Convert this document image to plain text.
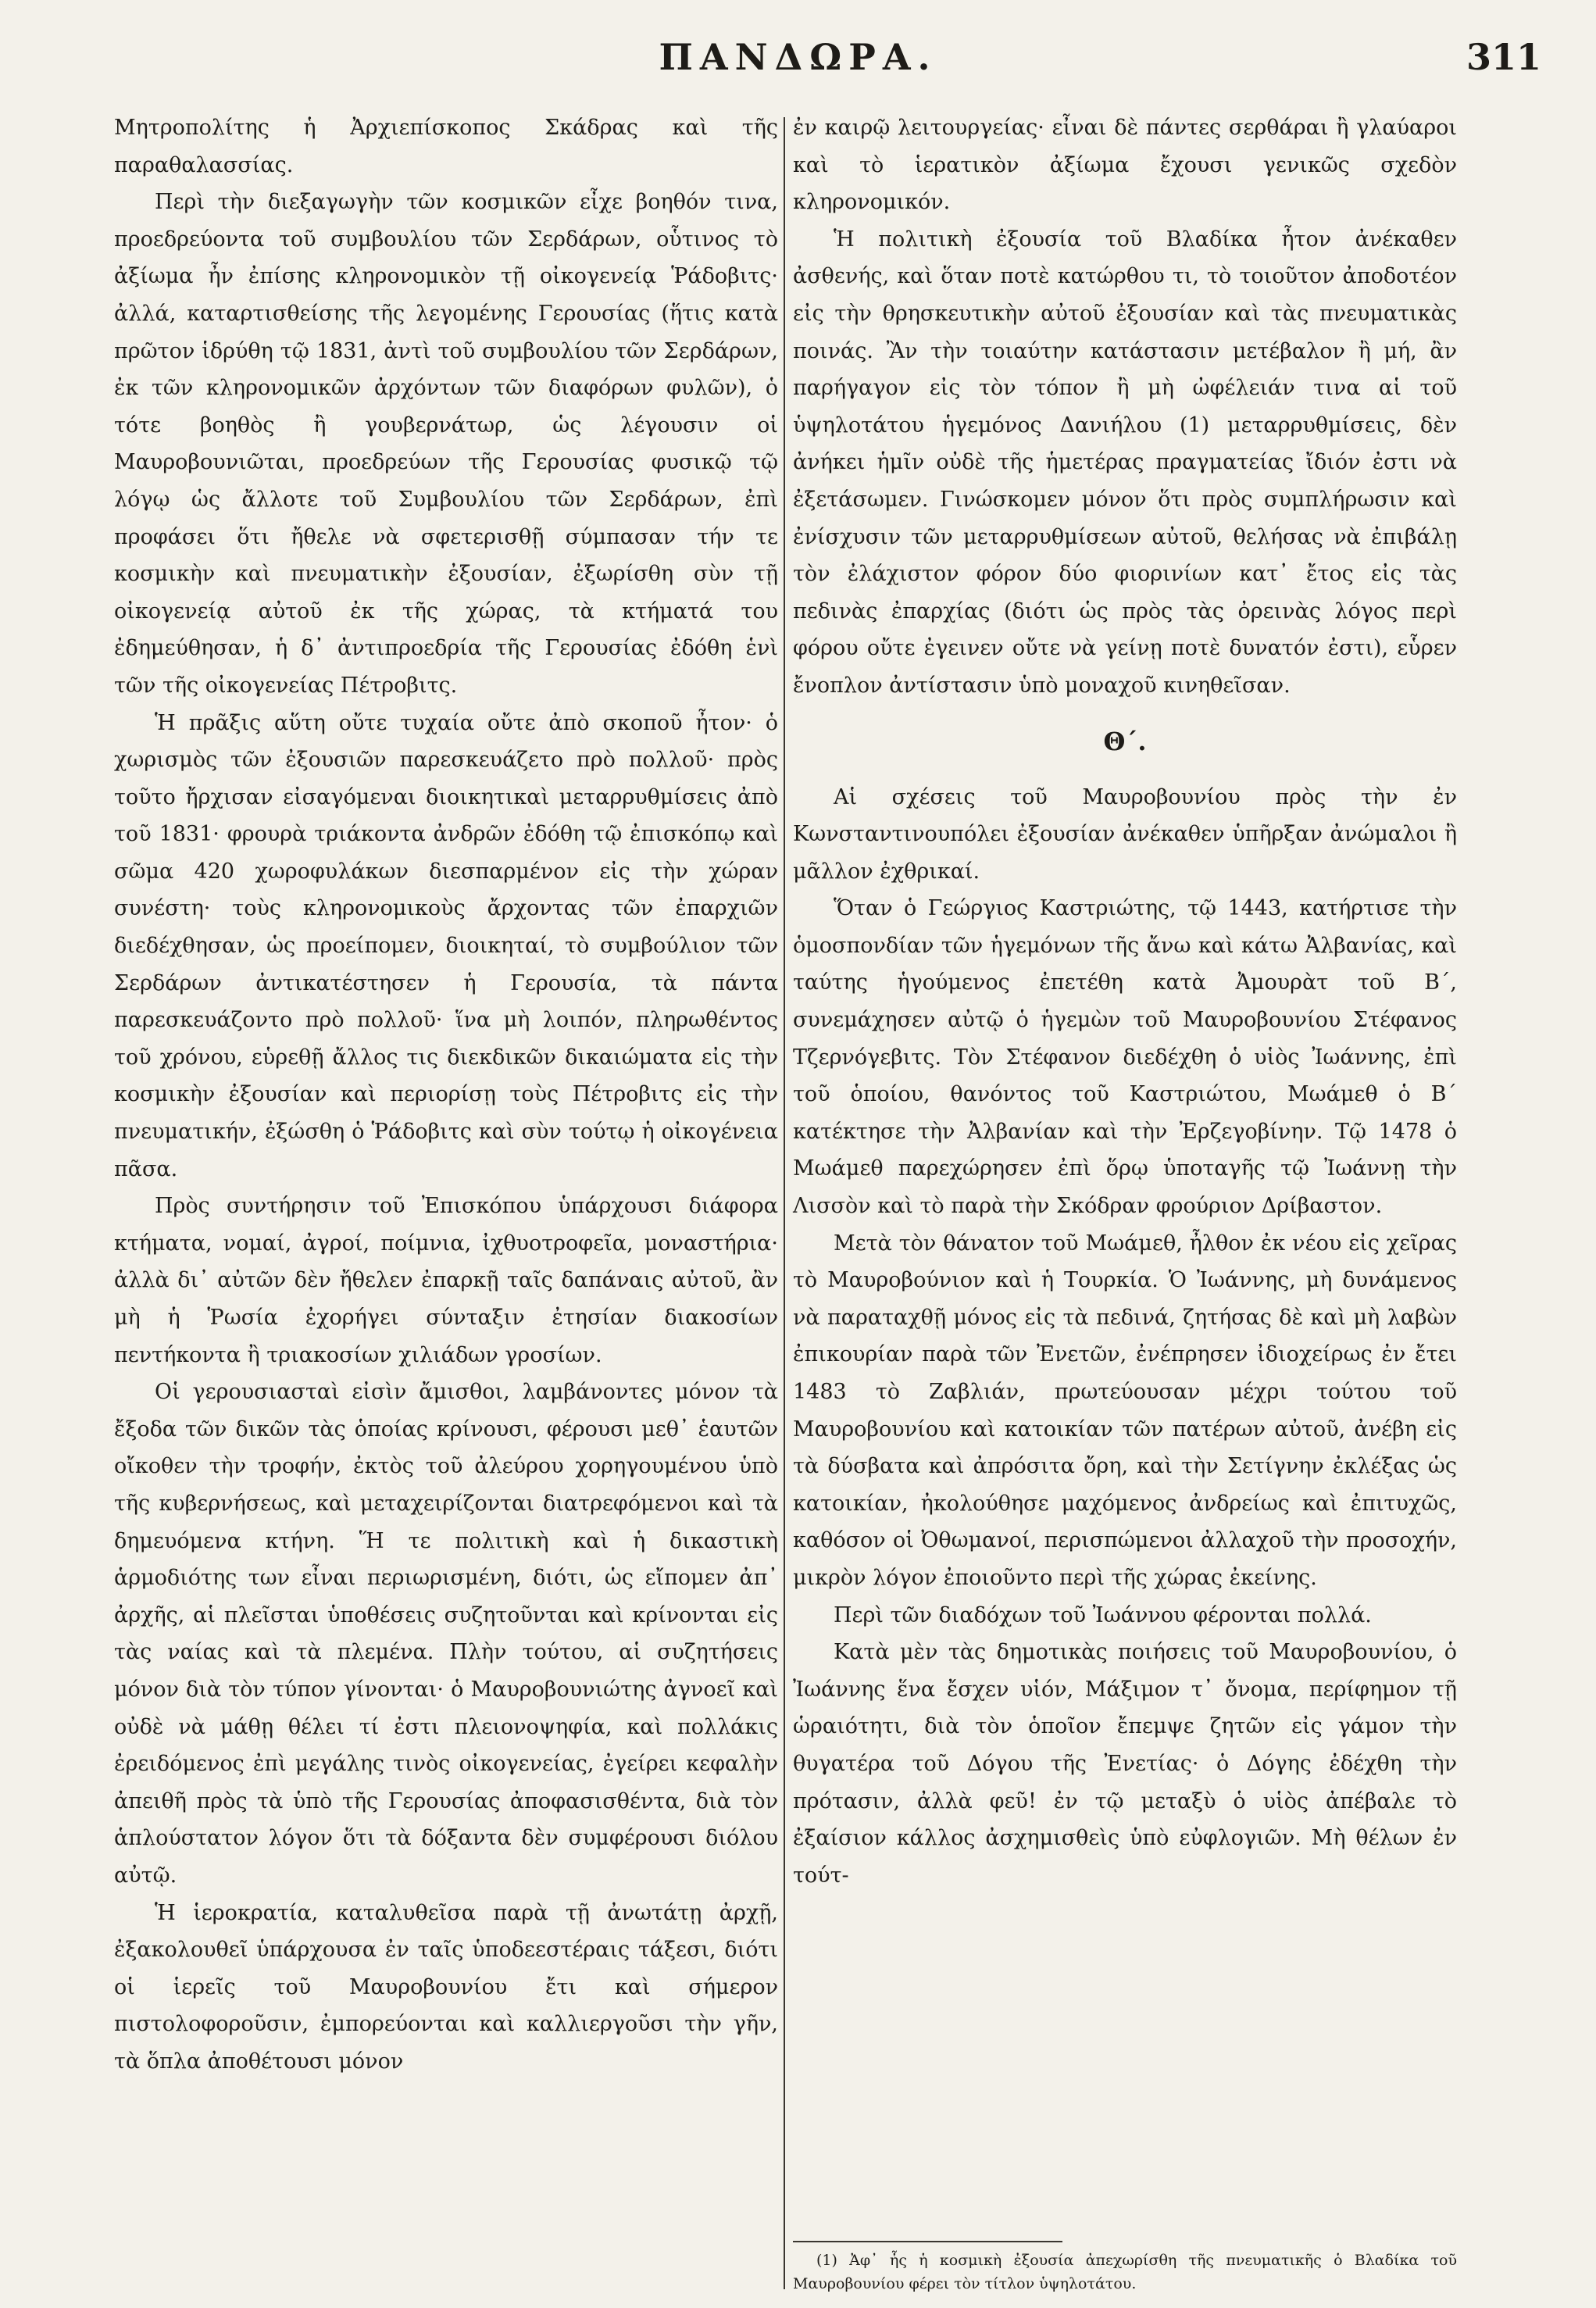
ΠΑΝΔΩΡΑ.	311

Μητροπολίτης ἡ Ἀρχιεπίσκοπος Σκάδρας καὶ τῆς παραθαλασσίας.

Περὶ τὴν διεξαγωγὴν τῶν κοσμικῶν εἶχε βοηθόν τινα, προεδρεύοντα τοῦ συμβουλίου τῶν Σερδάρων, οὗτινος τὸ ἀξίωμα ἦν ἐπίσης κληρονομικὸν τῇ οἰκογενείᾳ Ῥάδοβιτς· ἀλλά, καταρτισθείσης τῆς λεγομένης Γερουσίας (ἥτις κατὰ πρῶτον ἱδρύθη τῷ 1831, ἀντὶ τοῦ συμβουλίου τῶν Σερδάρων, ἐκ τῶν κληρονομικῶν ἀρχόντων τῶν διαφόρων φυλῶν), ὁ τότε βοηθὸς ἢ γουβερνάτωρ, ὡς λέγουσιν οἱ Μαυροβουνιῶται, προεδρεύων τῆς Γερουσίας φυσικῷ τῷ λόγῳ ὡς ἄλλοτε τοῦ Συμβουλίου τῶν Σερδάρων, ἐπὶ προφάσει ὅτι ἤθελε νὰ σφετερισθῇ σύμπασαν τήν τε κοσμικὴν καὶ πνευματικὴν ἐξουσίαν, ἐξωρίσθη σὺν τῇ οἰκογενείᾳ αὐτοῦ ἐκ τῆς χώρας, τὰ κτήματά του ἐδημεύθησαν, ἡ δ᾽ ἀντιπροεδρία τῆς Γερουσίας ἐδόθη ἑνὶ τῶν τῆς οἰκογενείας Πέτροβιτς.

Ἡ πρᾶξις αὕτη οὔτε τυχαία οὔτε ἀπὸ σκοποῦ ἦτον· ὁ χωρισμὸς τῶν ἐξουσιῶν παρεσκευάζετο πρὸ πολλοῦ· πρὸς τοῦτο ἤρχισαν εἰσαγόμεναι διοικητικαὶ μεταρρυθμίσεις ἀπὸ τοῦ 1831· φρουρὰ τριάκοντα ἀνδρῶν ἐδόθη τῷ ἐπισκόπῳ καὶ σῶμα 420 χωροφυλάκων διεσπαρμένον εἰς τὴν χώραν συνέστη· τοὺς κληρονομικοὺς ἄρχοντας τῶν ἐπαρχιῶν διεδέχθησαν, ὡς προείπομεν, διοικηταί, τὸ συμβούλιον τῶν Σερδάρων ἀντικατέστησεν ἡ Γερουσία, τὰ πάντα παρεσκευάζοντο πρὸ πολλοῦ· ἵνα μὴ λοιπόν, πληρωθέντος τοῦ χρόνου, εὑρεθῇ ἄλλος τις διεκδικῶν δικαιώματα εἰς τὴν κοσμικὴν ἐξουσίαν καὶ περιορίσῃ τοὺς Πέτροβιτς εἰς τὴν πνευματικήν, ἐξώσθη ὁ Ῥάδοβιτς καὶ σὺν τούτῳ ἡ οἰκογένεια πᾶσα.

Πρὸς συντήρησιν τοῦ Ἐπισκόπου ὑπάρχουσι διάφορα κτήματα, νομαί, ἀγροί, ποίμνια, ἰχθυοτροφεῖα, μοναστήρια· ἀλλὰ δι᾽ αὐτῶν δὲν ἤθελεν ἐπαρκῇ ταῖς δαπάναις αὐτοῦ, ἂν μὴ ἡ Ῥωσία ἐχορήγει σύνταξιν ἐτησίαν διακοσίων πεντήκοντα ἢ τριακοσίων χιλιάδων γροσίων.

Οἱ γερουσιασταὶ εἰσὶν ἄμισθοι, λαμβάνοντες μόνον τὰ ἔξοδα τῶν δικῶν τὰς ὁποίας κρίνουσι, φέρουσι μεθ᾽ ἑαυτῶν οἴκοθεν τὴν τροφήν, ἐκτὸς τοῦ ἀλεύρου χορηγουμένου ὑπὸ τῆς κυβερνήσεως, καὶ μεταχειρίζονται διατρεφόμενοι καὶ τὰ δημευόμενα κτήνη. Ἥ τε πολιτικὴ καὶ ἡ δικαστικὴ ἁρμοδιότης των εἶναι περιωρισμένη, διότι, ὡς εἴπομεν ἀπ᾽ ἀρχῆς, αἱ πλεῖσται ὑποθέσεις συζητοῦνται καὶ κρίνονται εἰς τὰς ναίας καὶ τὰ πλεμένα. Πλὴν τούτου, αἱ συζητήσεις μόνον διὰ τὸν τύπον γίνονται· ὁ Μαυροβουνιώτης ἀγνοεῖ καὶ οὐδὲ νὰ μάθῃ θέλει τί ἐστι πλειονοψηφία, καὶ πολλάκις ἐρειδόμενος ἐπὶ μεγάλης τινὸς οἰκογενείας, ἐγείρει κεφαλὴν ἀπειθῆ πρὸς τὰ ὑπὸ τῆς Γερουσίας ἀποφασισθέντα, διὰ τὸν ἁπλούστατον λόγον ὅτι τὰ δόξαντα δὲν συμφέρουσι διόλου αὐτῷ.

Ἡ ἱεροκρατία, καταλυθεῖσα παρὰ τῇ ἀνωτάτῃ ἀρχῇ, ἐξακολουθεῖ ὑπάρχουσα ἐν ταῖς ὑποδεεστέραις τάξεσι, διότι οἱ ἱερεῖς τοῦ Μαυροβουνίου ἔτι καὶ σήμερον πιστολοφοροῦσιν, ἐμπορεύονται καὶ καλλιεργοῦσι τὴν γῆν, τὰ ὅπλα ἀποθέτουσι μόνον

ἐν καιρῷ λειτουργείας· εἶναι δὲ πάντες σερθάραι ἢ γλαύαροι καὶ τὸ ἱερατικὸν ἀξίωμα ἔχουσι γενικῶς σχεδὸν κληρονομικόν.

Ἡ πολιτικὴ ἐξουσία τοῦ Βλαδίκα ἦτον ἀνέκαθεν ἀσθενής, καὶ ὅταν ποτὲ κατώρθου τι, τὸ τοιοῦτον ἀποδοτέον εἰς τὴν θρησκευτικὴν αὐτοῦ ἐξουσίαν καὶ τὰς πνευματικὰς ποινάς. Ἂν τὴν τοιαύτην κατάστασιν μετέβαλον ἢ μή, ἂν παρήγαγον εἰς τὸν τόπον ἢ μὴ ὠφέλειάν τινα αἱ τοῦ ὑψηλοτάτου ἡγεμόνος Δανιήλου (1) μεταρρυθμίσεις, δὲν ἀνήκει ἡμῖν οὐδὲ τῆς ἡμετέρας πραγματείας ἴδιόν ἐστι νὰ ἐξετάσωμεν. Γινώσκομεν μόνον ὅτι πρὸς συμπλήρωσιν καὶ ἐνίσχυσιν τῶν μεταρρυθμίσεων αὐτοῦ, θελήσας νὰ ἐπιβάλῃ τὸν ἐλάχιστον φόρον δύο φιορινίων κατ᾽ ἔτος εἰς τὰς πεδινὰς ἐπαρχίας (διότι ὡς πρὸς τὰς ὀρεινὰς λόγος περὶ φόρου οὔτε ἐγεινεν οὔτε νὰ γείνῃ ποτὲ δυνατόν ἐστι), εὗρεν ἔνοπλον ἀντίστασιν ὑπὸ μοναχοῦ κινηθεῖσαν.

Θ΄.

Αἱ σχέσεις τοῦ Μαυροβουνίου πρὸς τὴν ἐν Κωνσταντινουπόλει ἐξουσίαν ἀνέκαθεν ὑπῆρξαν ἀνώμαλοι ἢ μᾶλλον ἐχθρικαί.

Ὅταν ὁ Γεώργιος Καστριώτης, τῷ 1443, κατήρτισε τὴν ὁμοσπονδίαν τῶν ἡγεμόνων τῆς ἄνω καὶ κάτω Ἀλβανίας, καὶ ταύτης ἡγούμενος ἐπετέθη κατὰ Ἀμουρὰτ τοῦ Β΄, συνεμάχησεν αὐτῷ ὁ ἡγεμὼν τοῦ Μαυροβουνίου Στέφανος Τζερνόγεβιτς. Τὸν Στέφανον διεδέχθη ὁ υἱὸς Ἰωάννης, ἐπὶ τοῦ ὁποίου, θανόντος τοῦ Καστριώτου, Μωάμεθ ὁ Β΄ κατέκτησε τὴν Ἀλβανίαν καὶ τὴν Ἐρζεγοβίνην. Τῷ 1478 ὁ Μωάμεθ παρεχώρησεν ἐπὶ ὅρῳ ὑποταγῆς τῷ Ἰωάννῃ τὴν Λισσὸν καὶ τὸ παρὰ τὴν Σκόδραν φρούριον Δρίβαστον.

Μετὰ τὸν θάνατον τοῦ Μωάμεθ, ἦλθον ἐκ νέου εἰς χεῖρας τὸ Μαυροβούνιον καὶ ἡ Τουρκία. Ὁ Ἰωάννης, μὴ δυνάμενος νὰ παραταχθῇ μόνος εἰς τὰ πεδινά, ζητήσας δὲ καὶ μὴ λαβὼν ἐπικουρίαν παρὰ τῶν Ἐνετῶν, ἐνέπρησεν ἰδιοχείρως ἐν ἔτει 1483 τὸ Ζαβλιάν, πρωτεύουσαν μέχρι τούτου τοῦ Μαυροβουνίου καὶ κατοικίαν τῶν πατέρων αὐτοῦ, ἀνέβη εἰς τὰ δύσβατα καὶ ἀπρόσιτα ὄρη, καὶ τὴν Σετίγνην ἐκλέξας ὡς κατοικίαν, ἠκολούθησε μαχόμενος ἀνδρείως καὶ ἐπιτυχῶς, καθόσον οἱ Ὀθωμανοί, περισπώμενοι ἀλλαχοῦ τὴν προσοχήν, μικρὸν λόγον ἐποιοῦντο περὶ τῆς χώρας ἐκείνης.

Περὶ τῶν διαδόχων τοῦ Ἰωάννου φέρονται πολλά.

Κατὰ μὲν τὰς δημοτικὰς ποιήσεις τοῦ Μαυροβουνίου, ὁ Ἰωάννης ἕνα ἔσχεν υἱόν, Μάξιμον τ᾽ ὄνομα, περίφημον τῇ ὡραιότητι, διὰ τὸν ὁποῖον ἔπεμψε ζητῶν εἰς γάμον τὴν θυγατέρα τοῦ Δόγου τῆς Ἐνετίας· ὁ Δόγης ἐδέχθη τὴν πρότασιν, ἀλλὰ φεῦ! ἐν τῷ μεταξὺ ὁ υἱὸς ἀπέβαλε τὸ ἐξαίσιον κάλλος ἀσχημισθεὶς ὑπὸ εὐφλογιῶν. Μὴ θέλων ἐν τούτ-

(1) Ἀφ᾽ ἧς ἡ κοσμικὴ ἐξουσία ἀπεχωρίσθη τῆς πνευματικῆς ὁ Βλαδίκα τοῦ Μαυροβουνίου φέρει τὸν τίτλον ὑψηλοτάτου.
